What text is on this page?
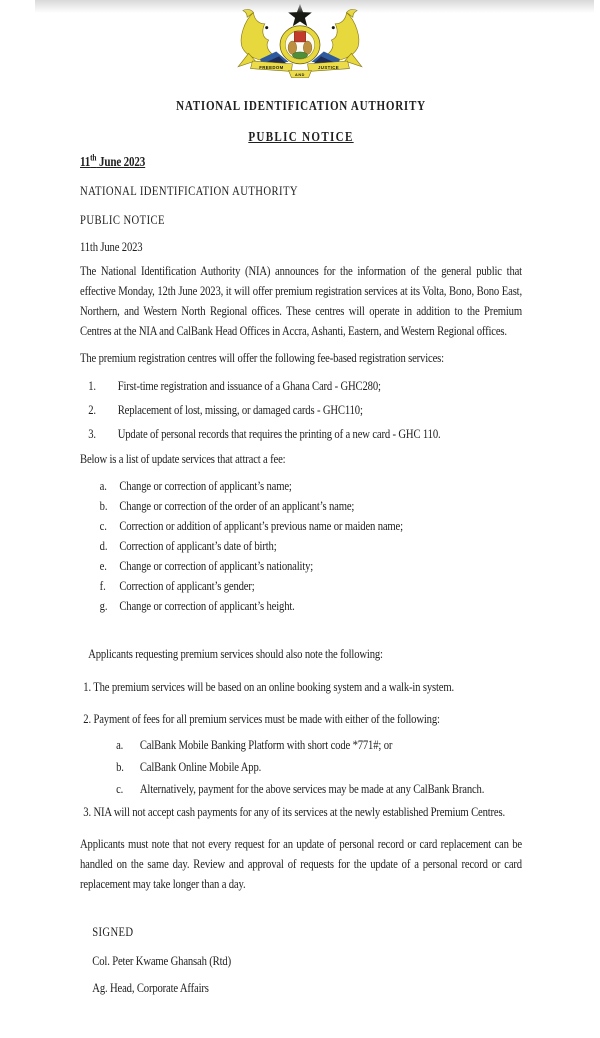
FREEDOM	JUSTICE
AND
NATIONAL IDENTIFICATION AUTHORITY
PUBLIC NOTICE
11th June 2023
NATIONAL IDENTIFICATION AUTHORITY
PUBLIC NOTICE
11th June 2023

The National Identification Authority (NIA) announces for the information of the general public that effective Monday, 12th June 2023, it will offer premium registration services at its Volta, Bono, Bono East, Northern, and Western North Regional offices. These centres will operate in addition to the Premium Centres at the NIA and CalBank Head Offices in Accra, Ashanti, Eastern, and Western Regional offices.

The premium registration centres will offer the following fee-based registration services:

1.	First-time registration and issuance of a Ghana Card - GHC280;
2.	Replacement of lost, missing, or damaged cards - GHC110;
3.	Update of personal records that requires the printing of a new card - GHC 110.

Below is a list of update services that attract a fee:

a. Change or correction of applicant’s name;
b. Change or correction of the order of an applicant’s name;
c. Correction or addition of applicant’s previous name or maiden name;
d. Correction of applicant’s date of birth;
e. Change or correction of applicant’s nationality;
f.	Correction of applicant’s gender;
g. Change or correction of applicant’s height.

Applicants requesting premium services should also note the following:

1. The premium services will be based on an online booking system and a walk-in system.

2. Payment of fees for all premium services must be made with either of the following:

a.	CalBank Mobile Banking Platform with short code *771#; or
b.	CalBank Online Mobile App.
c.	Alternatively, payment for the above services may be made at any CalBank Branch.

3. NIA will not accept cash payments for any of its services at the newly established Premium Centres.

Applicants must note that not every request for an update of personal record or card replacement can be handled on the same day. Review and approval of requests for the update of a personal record or card replacement may take longer than a day.

SIGNED
Col. Peter Kwame Ghansah (Rtd)
Ag. Head, Corporate Affairs
